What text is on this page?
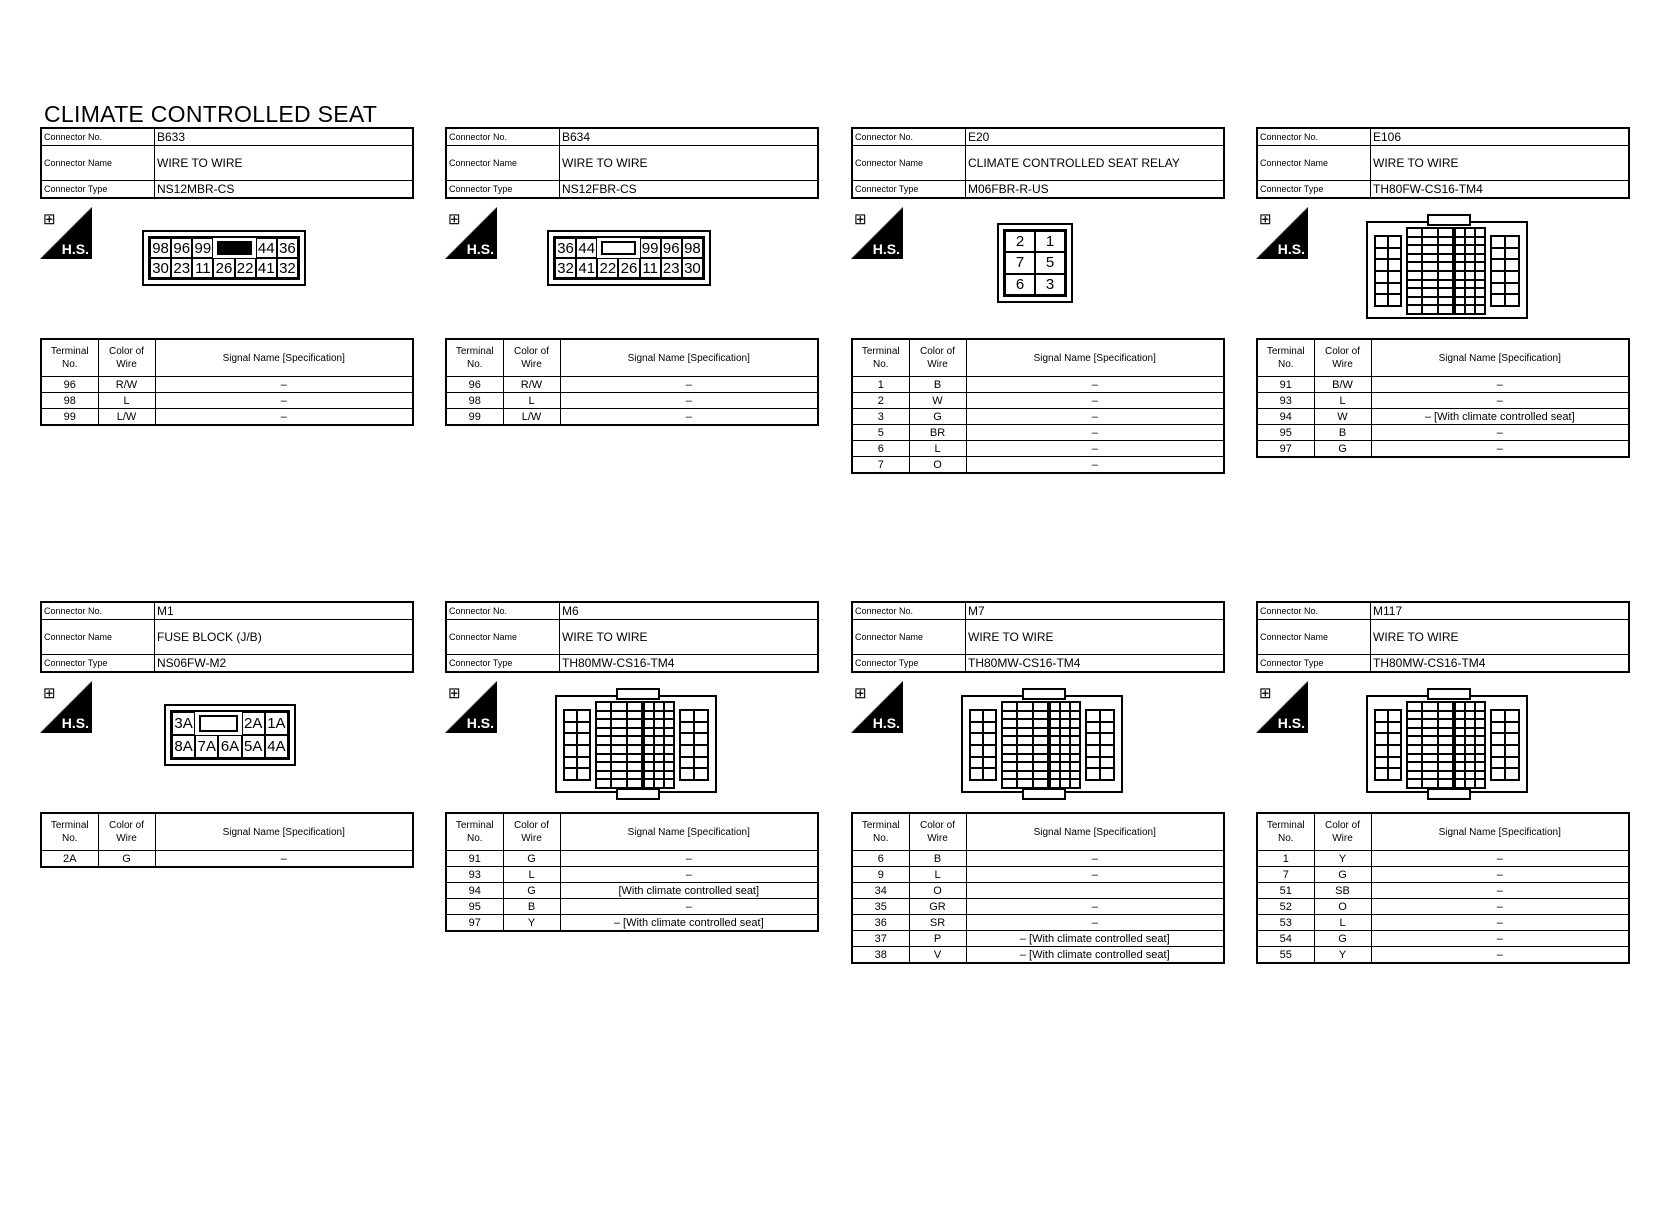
CLIMATE CONTROLLED SEAT
Connector No.	B633
Connector Name	WIRE TO WIRE
Connector Type	NS12MBR-CS
⊞
H.S.	98 96 99	44 36
30 23 11 26 22 41 32
Terminal No.	Color of Wire	Signal Name [Specification]
96	R/W	–
98	L	–
99	L/W	–
Connector No.	B634
Connector Name	WIRE TO WIRE
Connector Type	NS12FBR-CS
⊞
H.S.	36 44	99 96 98
32 41 22 26 11 23 30
Terminal No.	Color of Wire	Signal Name [Specification]
96	R/W	–
98	L	–
99	L/W	–
Connector No.	E20
Connector Name	CLIMATE CONTROLLED SEAT RELAY
Connector Type	M06FBR-R-US
⊞
H.S.	2	1
7	5
6	3
Terminal No.	Color of Wire	Signal Name [Specification]
1	B	–
2	W	–
3	G	–
5	BR	–
6	L	–
7	O	–
Connector No.	E106
Connector Name	WIRE TO WIRE
Connector Type	TH80FW-CS16-TM4
⊞
H.S.
Terminal No.	Color of Wire	Signal Name [Specification]
91	B/W	–
93	L	–
94	W	– [With climate controlled seat]
95	B	–
97	G	–
Connector No.	M1
Connector Name	FUSE BLOCK (J/B)
Connector Type	NS06FW-M2
⊞
H.S.	3A	2A 1A
8A 7A 6A 5A 4A
Terminal No.	Color of Wire	Signal Name [Specification]
2A	G	–
Connector No.	M6
Connector Name	WIRE TO WIRE
Connector Type	TH80MW-CS16-TM4
⊞
H.S.
Terminal No.	Color of Wire	Signal Name [Specification]
91	G	–
93	L	–
94	G	[With climate controlled seat]
95	B	–
97	Y	– [With climate controlled seat]
Connector No.	M7
Connector Name	WIRE TO WIRE
Connector Type	TH80MW-CS16-TM4
⊞
H.S.
Terminal No.	Color of Wire	Signal Name [Specification]
6	B	–
9	L	–
34	O	
35	GR	–
36	SR	–
37	P	– [With climate controlled seat]
38	V	– [With climate controlled seat]
Connector No.	M117
Connector Name	WIRE TO WIRE
Connector Type	TH80MW-CS16-TM4
⊞
H.S.
Terminal No.	Color of Wire	Signal Name [Specification]
1	Y	–
7	G	–
51	SB	–
52	O	–
53	L	–
54	G	–
55	Y	–
